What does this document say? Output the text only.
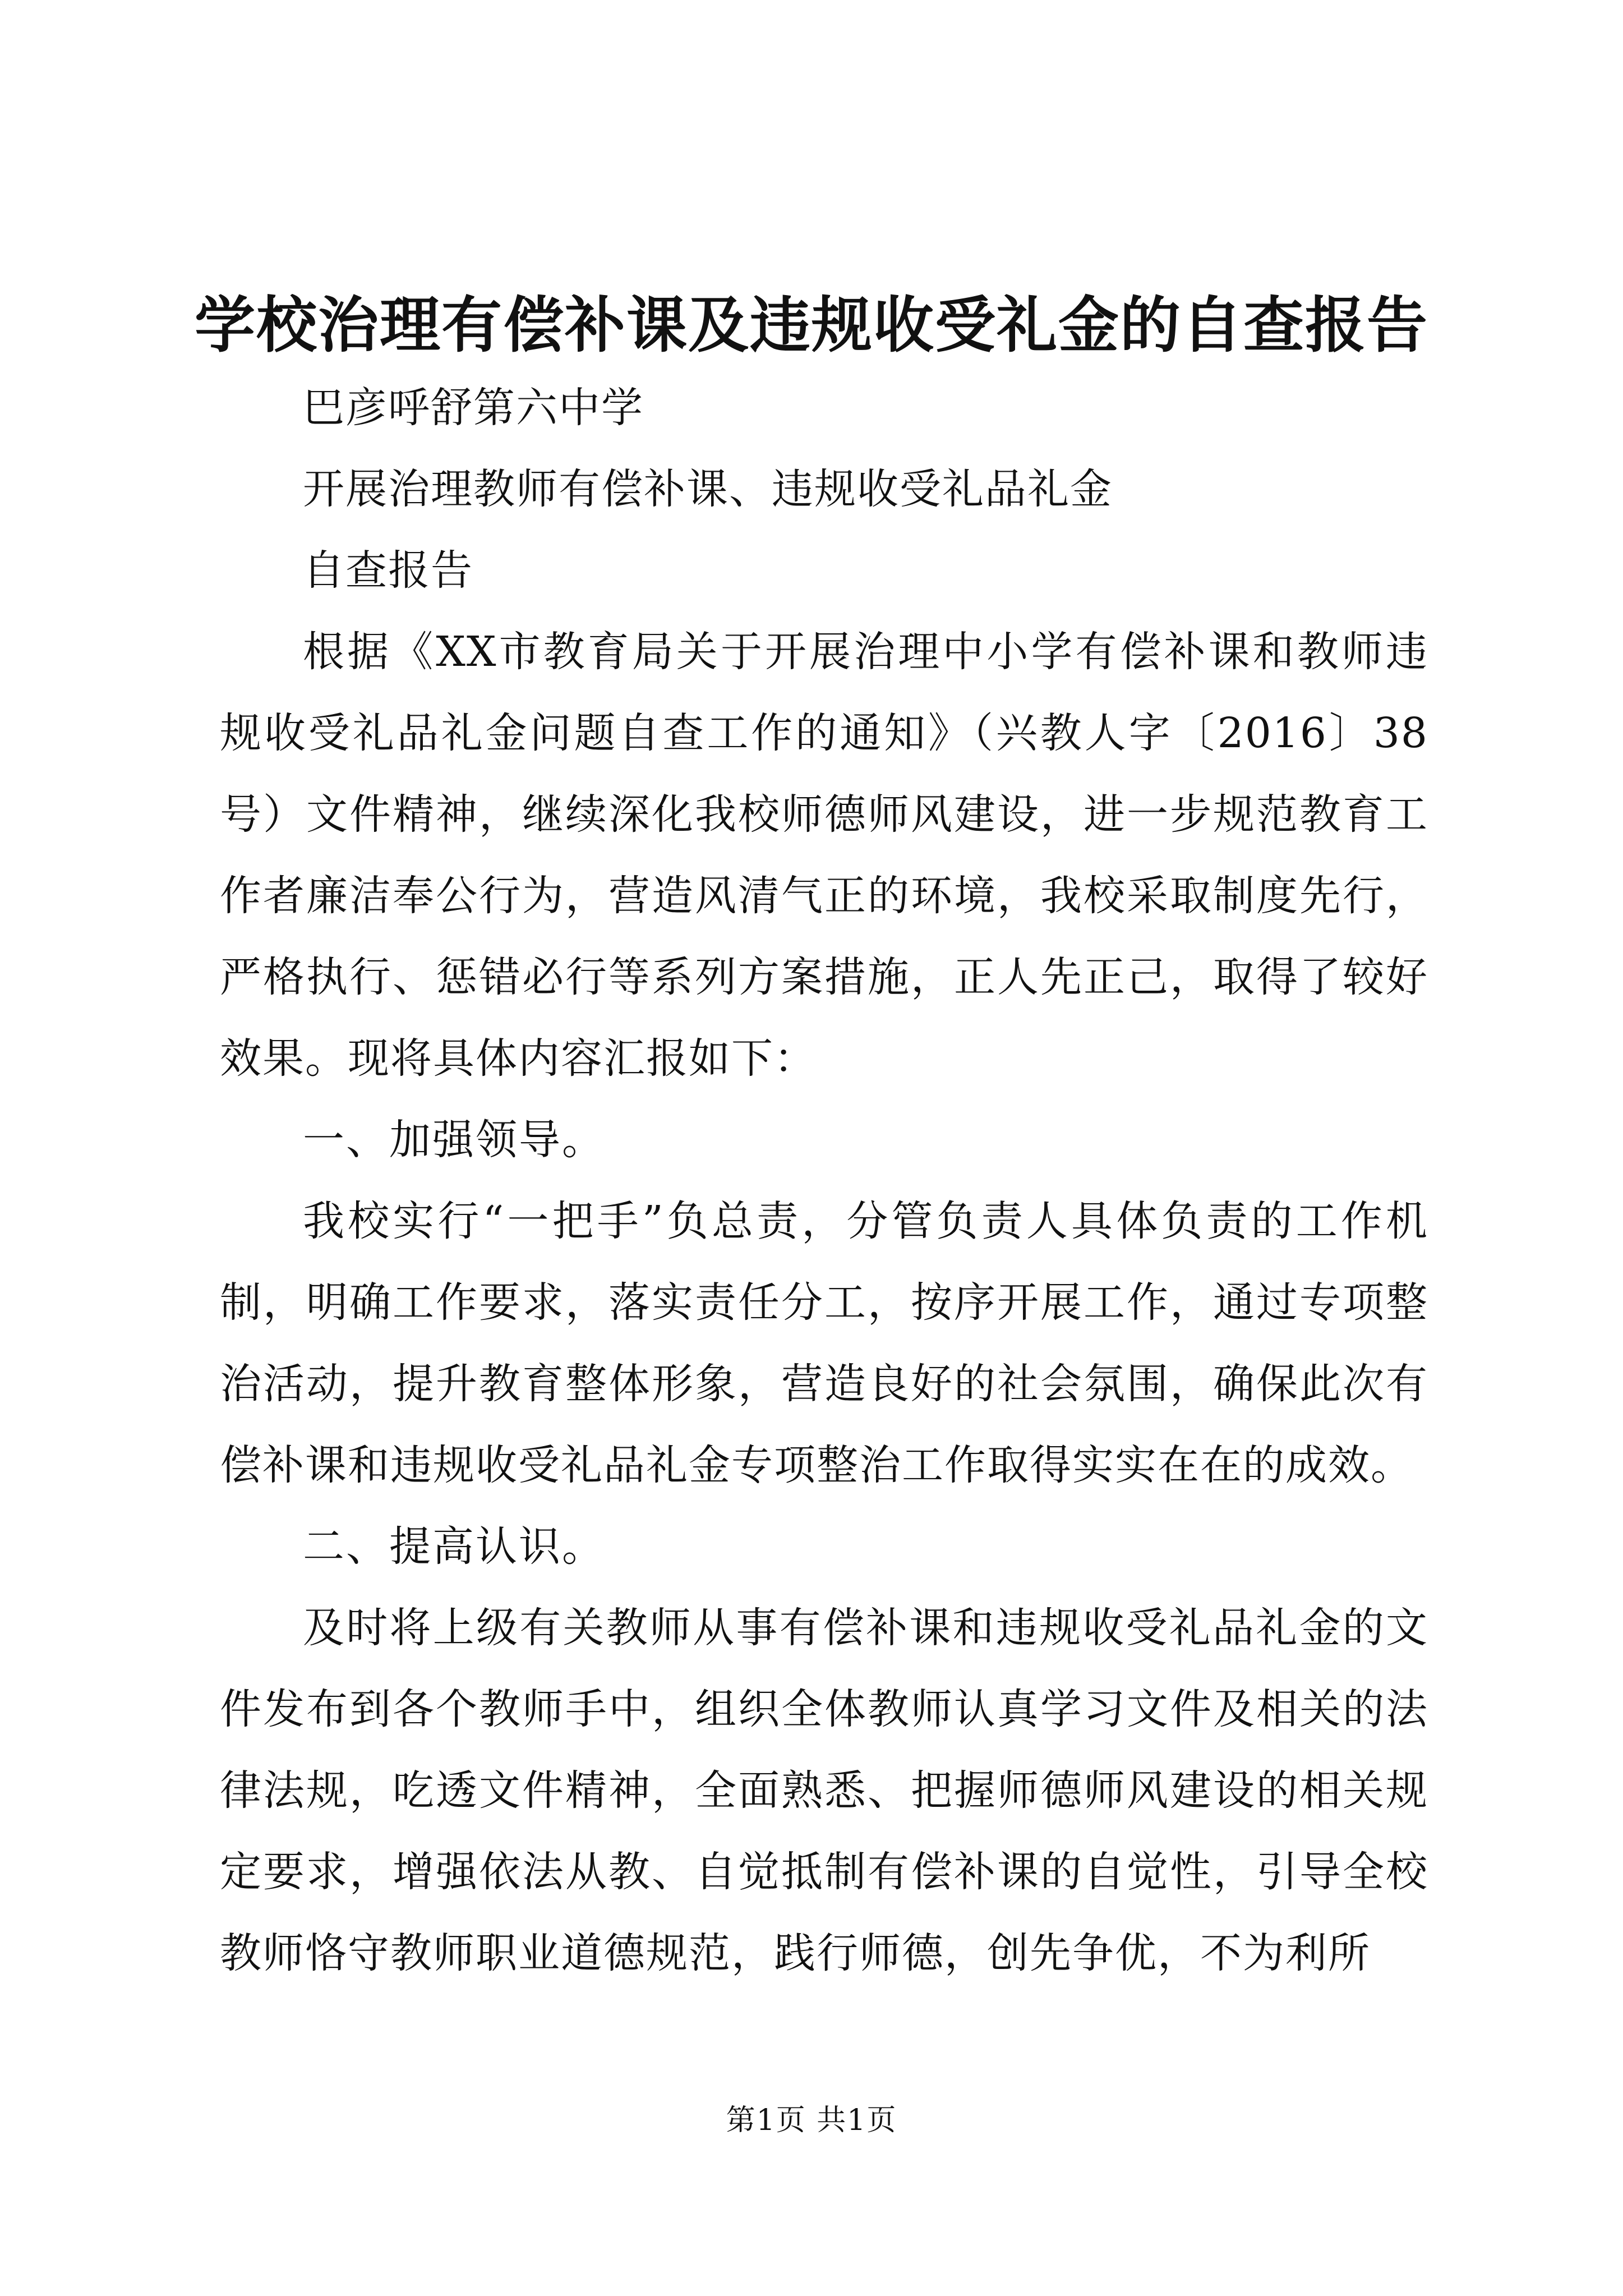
学校治理有偿补课及违规收受礼金的自查报告

巴彦呼舒第六中学

开展治理教师有偿补课、违规收受礼品礼金

自查报告

根据《XX市教育局关于开展治理中小学有偿补课和教师违规收受礼品礼金问题自查工作的通知》（兴教人字〔2016〕38号）文件精神，继续深化我校师德师风建设，进一步规范教育工作者廉洁奉公行为，营造风清气正的环境，我校采取制度先行，严格执行、惩错必行等系列方案措施，正人先正己，取得了较好效果。现将具体内容汇报如下：

一、加强领导。

我校实行“一把手”负总责，分管负责人具体负责的工作机制，明确工作要求，落实责任分工，按序开展工作，通过专项整治活动，提升教育整体形象，营造良好的社会氛围，确保此次有偿补课和违规收受礼品礼金专项整治工作取得实实在在的成效。

二、提高认识。

及时将上级有关教师从事有偿补课和违规收受礼品礼金的文件发布到各个教师手中，组织全体教师认真学习文件及相关的法律法规，吃透文件精神，全面熟悉、把握师德师风建设的相关规定要求，增强依法从教、自觉抵制有偿补课的自觉性，引导全校教师恪守教师职业道德规范，践行师德，创先争优，不为利所

第1页 共1页
